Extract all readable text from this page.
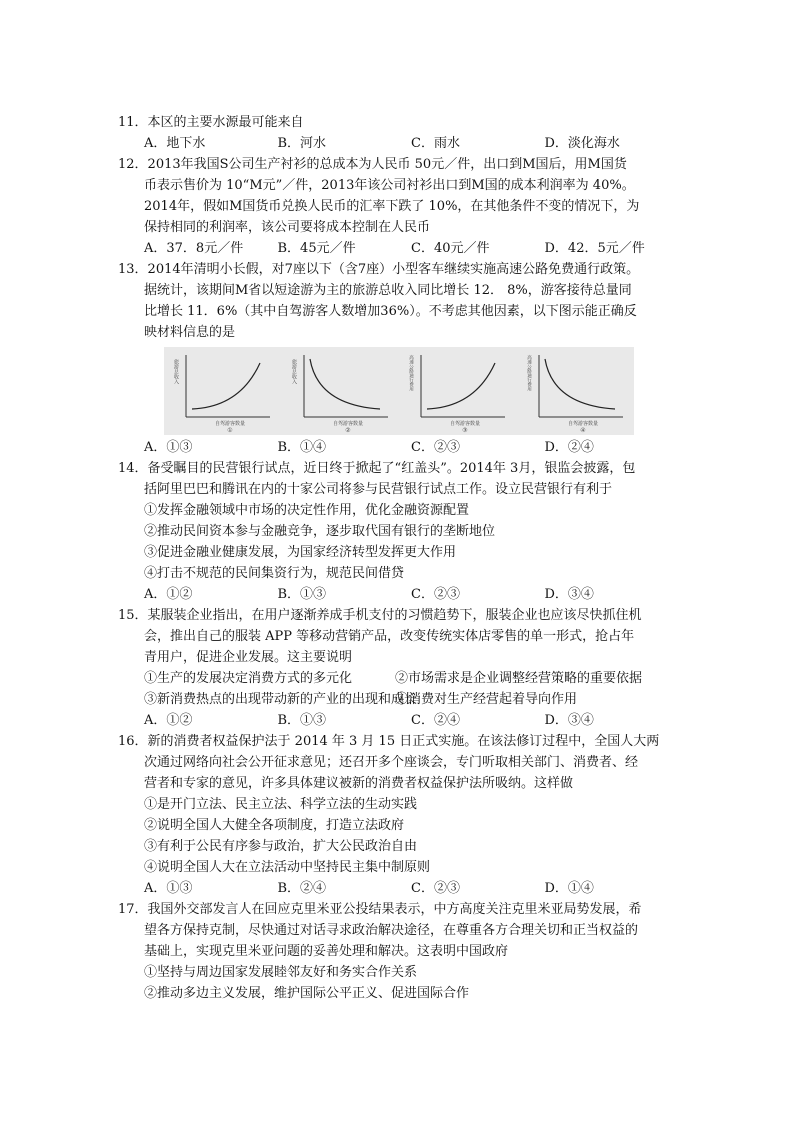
11．本区的主要水源最可能来自
A．地下水	B．河水	C．雨水	D．淡化海水
12．2013年我国S公司生产衬衫的总成本为人民币 50元／件，出口到M国后，用M国货
币表示售价为 10“M元”／件，2013年该公司衬衫出口到M国的成本利润率为 40%。
2014年，假如M国货币兑换人民币的汇率下跌了 10%，在其他条件不变的情况下，为
保持相同的利润率，该公司要将成本控制在人民币
A．37．8元／件	B．45元／件	C．40元／件	D．42．5元／件
13．2014年清明小长假，对7座以下（含7座）小型客车继续实施高速公路免费通行政策。
据统计，该期间M省以短途游为主的旅游总收入同比增长 12． 8%，游客接待总量同
比增长 11．6%（其中自驾游客人数增加36%）。不考虑其他因素，以下图示能正确反
映材料信息的是
旅游总收入
自驾游客数量
①
旅游总收入
自驾游客数量
②
高速公路通行费用
自驾游客数量
③
高速公路通行费用
自驾游客数量
④
A．①③	B．①④	C．②③	D．②④
14．备受瞩目的民营银行试点，近日终于掀起了“红盖头”。2014年 3月，银监会披露，包
括阿里巴巴和腾讯在内的十家公司将参与民营银行试点工作。设立民营银行有利于
①发挥金融领域中市场的决定性作用，优化金融资源配置
②推动民间资本参与金融竞争，逐步取代国有银行的垄断地位
③促进金融业健康发展，为国家经济转型发挥更大作用
④打击不规范的民间集资行为，规范民间借贷
A．①②	B．①③	C．②③	D．③④
15．某服装企业指出，在用户逐渐养成手机支付的习惯趋势下，服装企业也应该尽快抓住机
会，推出自己的服装 APP 等移动营销产品，改变传统实体店零售的单一形式，抢占年
青用户，促进企业发展。这主要说明
①生产的发展决定消费方式的多元化	②市场需求是企业调整经营策略的重要依据
③新消费热点的出现带动新的产业的出现和成长
④消费对生产经营起着导向作用
A．①②	B．①③	C．②④	D．③④
16．新的消费者权益保护法于 2014 年 3 月 15 日正式实施。在该法修订过程中，全国人大两
次通过网络向社会公开征求意见；还召开多个座谈会，专门听取相关部门、消费者、经
营者和专家的意见，许多具体建议被新的消费者权益保护法所吸纳。这样做
①是开门立法、民主立法、科学立法的生动实践
②说明全国人大健全各项制度，打造立法政府
③有利于公民有序参与政治，扩大公民政治自由
④说明全国人大在立法活动中坚持民主集中制原则
A．①③	B．②④	C．②③	D．①④
17．我国外交部发言人在回应克里米亚公投结果表示，中方高度关注克里米亚局势发展，希
望各方保持克制，尽快通过对话寻求政治解决途径，在尊重各方合理关切和正当权益的
基础上，实现克里米亚问题的妥善处理和解决。这表明中国政府
①坚持与周边国家发展睦邻友好和务实合作关系
②推动多边主义发展，维护国际公平正义、促进国际合作
